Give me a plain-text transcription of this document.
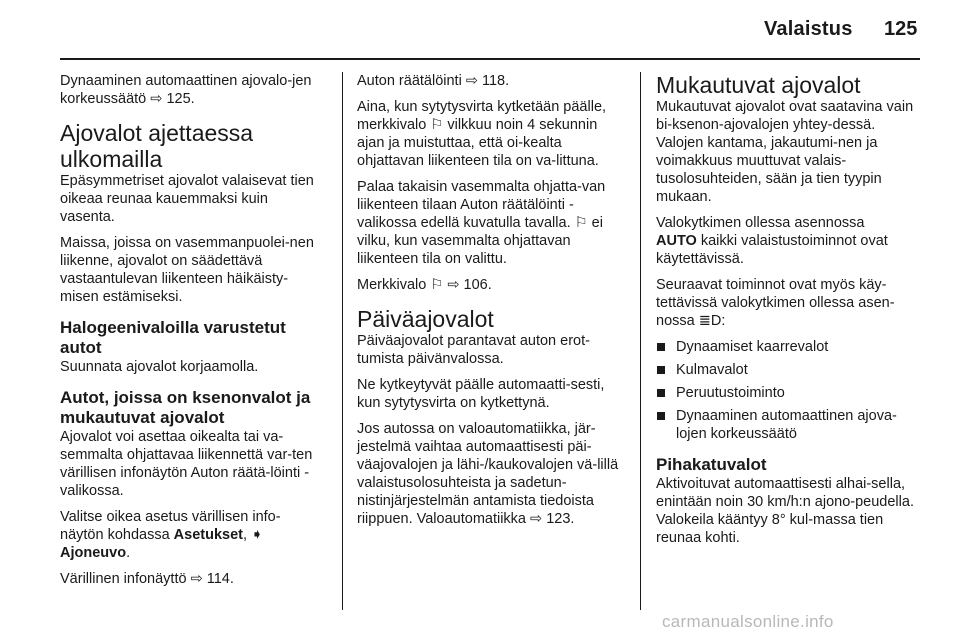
Valaistus 125

Dynaaminen automaattinen ajovalo-jen korkeussäätö ⇨ 125.

Ajovalot ajettaessa ulkomailla

Epäsymmetriset ajovalot valaisevat tien oikeaa reunaa kauemmaksi kuin vasenta.

Maissa, joissa on vasemmanpuolei-nen liikenne, ajovalot on säädettävä vastaantulevan liikenteen häikäisty-misen estämiseksi.

Halogeenivaloilla varustetut autot

Suunnata ajovalot korjaamolla.

Autot, joissa on ksenonvalot ja mukautuvat ajovalot

Ajovalot voi asettaa oikealta tai va-semmalta ohjattavaa liikennettä var-ten värillisen infonäytön Auton räätä-löinti -valikossa.

Valitse oikea asetus värillisen info-näytön kohdassa Asetukset, ➧
Ajoneuvo.

Värillinen infonäyttö ⇨ 114.

Auton räätälöinti ⇨ 118.

Aina, kun sytytysvirta kytketään päälle, merkkivalo ⚐ vilkkuu noin 4 sekunnin ajan ja muistuttaa, että oi-kealta ohjattavan liikenteen tila on va-littuna.

Palaa takaisin vasemmalta ohjatta-van liikenteen tilaan Auton räätälöinti -valikossa edellä kuvatulla tavalla. ⚐ ei vilku, kun vasemmalta ohjattavan liikenteen tila on valittu.

Merkkivalo ⚐ ⇨ 106.

Päiväajovalot

Päiväajovalot parantavat auton erot-tumista päivänvalossa.

Ne kytkeytyvät päälle automaatti-sesti, kun sytytysvirta on kytkettynä.

Jos autossa on valoautomatiikka, jär-jestelmä vaihtaa automaattisesti päi-väajovalojen ja lähi-/kaukovalojen vä-lillä valaistusolosuhteista ja sadetun-nistinjärjestelmän antamista tiedoista riippuen. Valoautomatiikka ⇨ 123.

Mukautuvat ajovalot

Mukautuvat ajovalot ovat saatavina vain bi-ksenon-ajovalojen yhtey-dessä. Valojen kantama, jakautumi-nen ja voimakkuus muuttuvat valais-tusolosuhteiden, sään ja tien tyypin mukaan.

Valokytkimen ollessa asennossa
AUTO kaikki valaistustoiminnot ovat käytettävissä.

Seuraavat toiminnot ovat myös käy-tettävissä valokytkimen ollessa asen-nossa ≣D:

Dynaamiset kaarrevalot
Kulmavalot
Peruutustoiminto
Dynaaminen automaattinen ajova-lojen korkeussäätö
Pihakatuvalot

Aktivoituvat automaattisesti alhai-sella, enintään noin 30 km/h:n ajono-peudella. Valokeila kääntyy 8° kul-massa tien reunaa kohti.

carmanualsonline.info
